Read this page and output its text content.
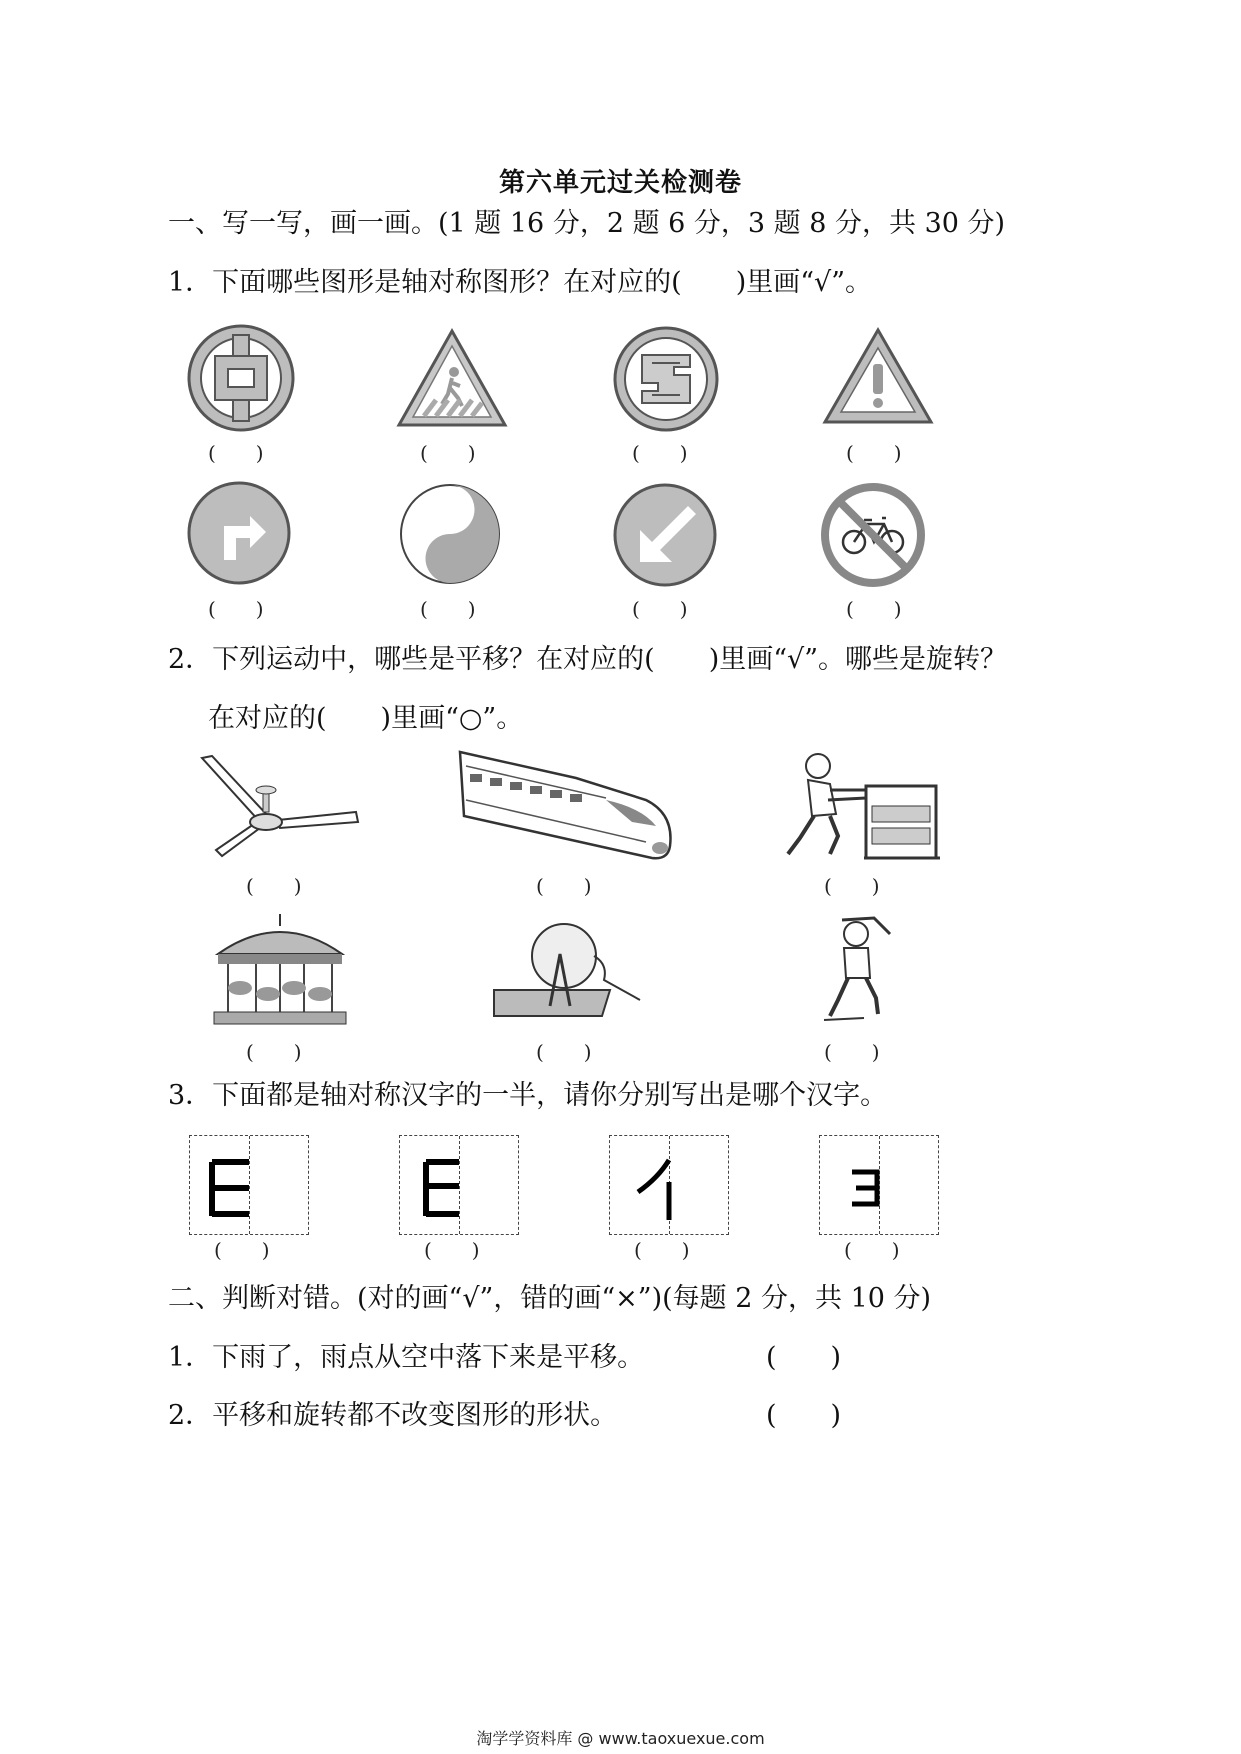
第六单元过关检测卷
一、写一写，画一画。(1 题 16 分，2 题 6 分，3 题 8 分，共 30 分)
1．下面哪些图形是轴对称图形？在对应的(　　)里画“√”。
(　　)	(　　)	(　　)	(　　)
(　　)	(　　)	(　　)	(　　)
2．下列运动中，哪些是平移？在对应的(　　)里画“√”。哪些是旋转？
在对应的(　　)里画“○”。
(　　)	(　　)	(　　)
(　　)	(　　)	(　　)
3．下面都是轴对称汉字的一半，请你分别写出是哪个汉字。
(　　)	(　　)	(　　)	(　　)
二、判断对错。(对的画“√”，错的画“×”)(每题 2 分，共 10 分)
1．下雨了，雨点从空中落下来是平移。	(　　)
2．平移和旋转都不改变图形的形状。	(　　)
淘学学资料库 @ www.taoxuexue.com
